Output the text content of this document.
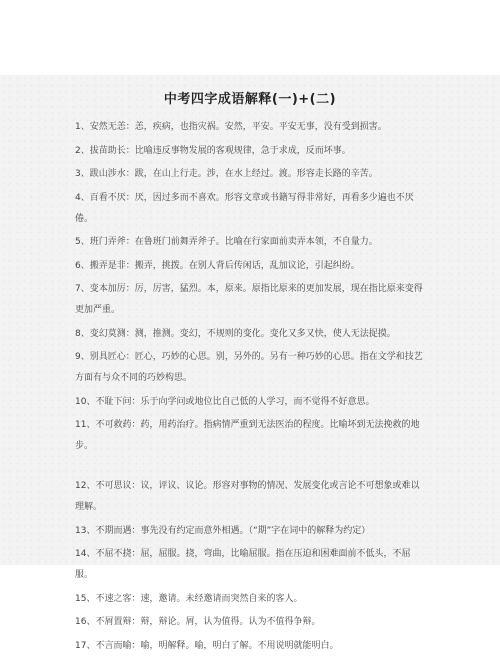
中考四字成语解释(一)+(二)
1、安然无恙：恙，疾病，也指灾祸。安然，平安。平安无事，没有受到损害。
2、拔苗助长：比喻违反事物发展的客观规律，急于求成，反而坏事。
3、跋山涉水：跋，在山上行走。涉，在水上经过。渡。形容走长路的辛苦。
4、百看不厌：厌，因过多而不喜欢。形容文章或书籍写得非常好，再看多少遍也不厌倦。
5、班门弄斧：在鲁班门前舞弄斧子。比喻在行家面前卖弄本领，不自量力。
6、搬弄是非：搬弄，挑拨。在别人背后传闲话，乱加议论，引起纠纷。
7、变本加厉：厉，厉害，猛烈。本，原来。原指比原来的更加发展，现在指比原来变得更加严重。
8、变幻莫测：测，推测。变幻，不规则的变化。变化又多又快，使人无法捉摸。
9、别具匠心：匠心，巧妙的心思。别，另外的。另有一种巧妙的心思。指在文学和技艺方面有与众不同的巧妙构思。
10、不耻下问：乐于向学问或地位比自己低的人学习，而不觉得不好意思。
11、不可救药：药，用药治疗。指病情严重到无法医治的程度。比喻坏到无法挽救的地步。
12、不可思议：议，评议、议论。形容对事物的情况、发展变化或言论不可想象或难以理解。
13、不期而遇：事先没有约定而意外相遇。（“期”字在词中的解释为约定）
14、不屈不挠：屈，屈服。挠，弯曲，比喻屈服。指在压迫和困难面前不低头，不屈服。
15、不速之客：速，邀请。未经邀请而突然自来的客人。
16、不屑置辩：辩，辩论。屑，认为值得。认为不值得争辩。
17、不言而喻：喻，明解释。喻，明白了解。不用说明就能明白。
